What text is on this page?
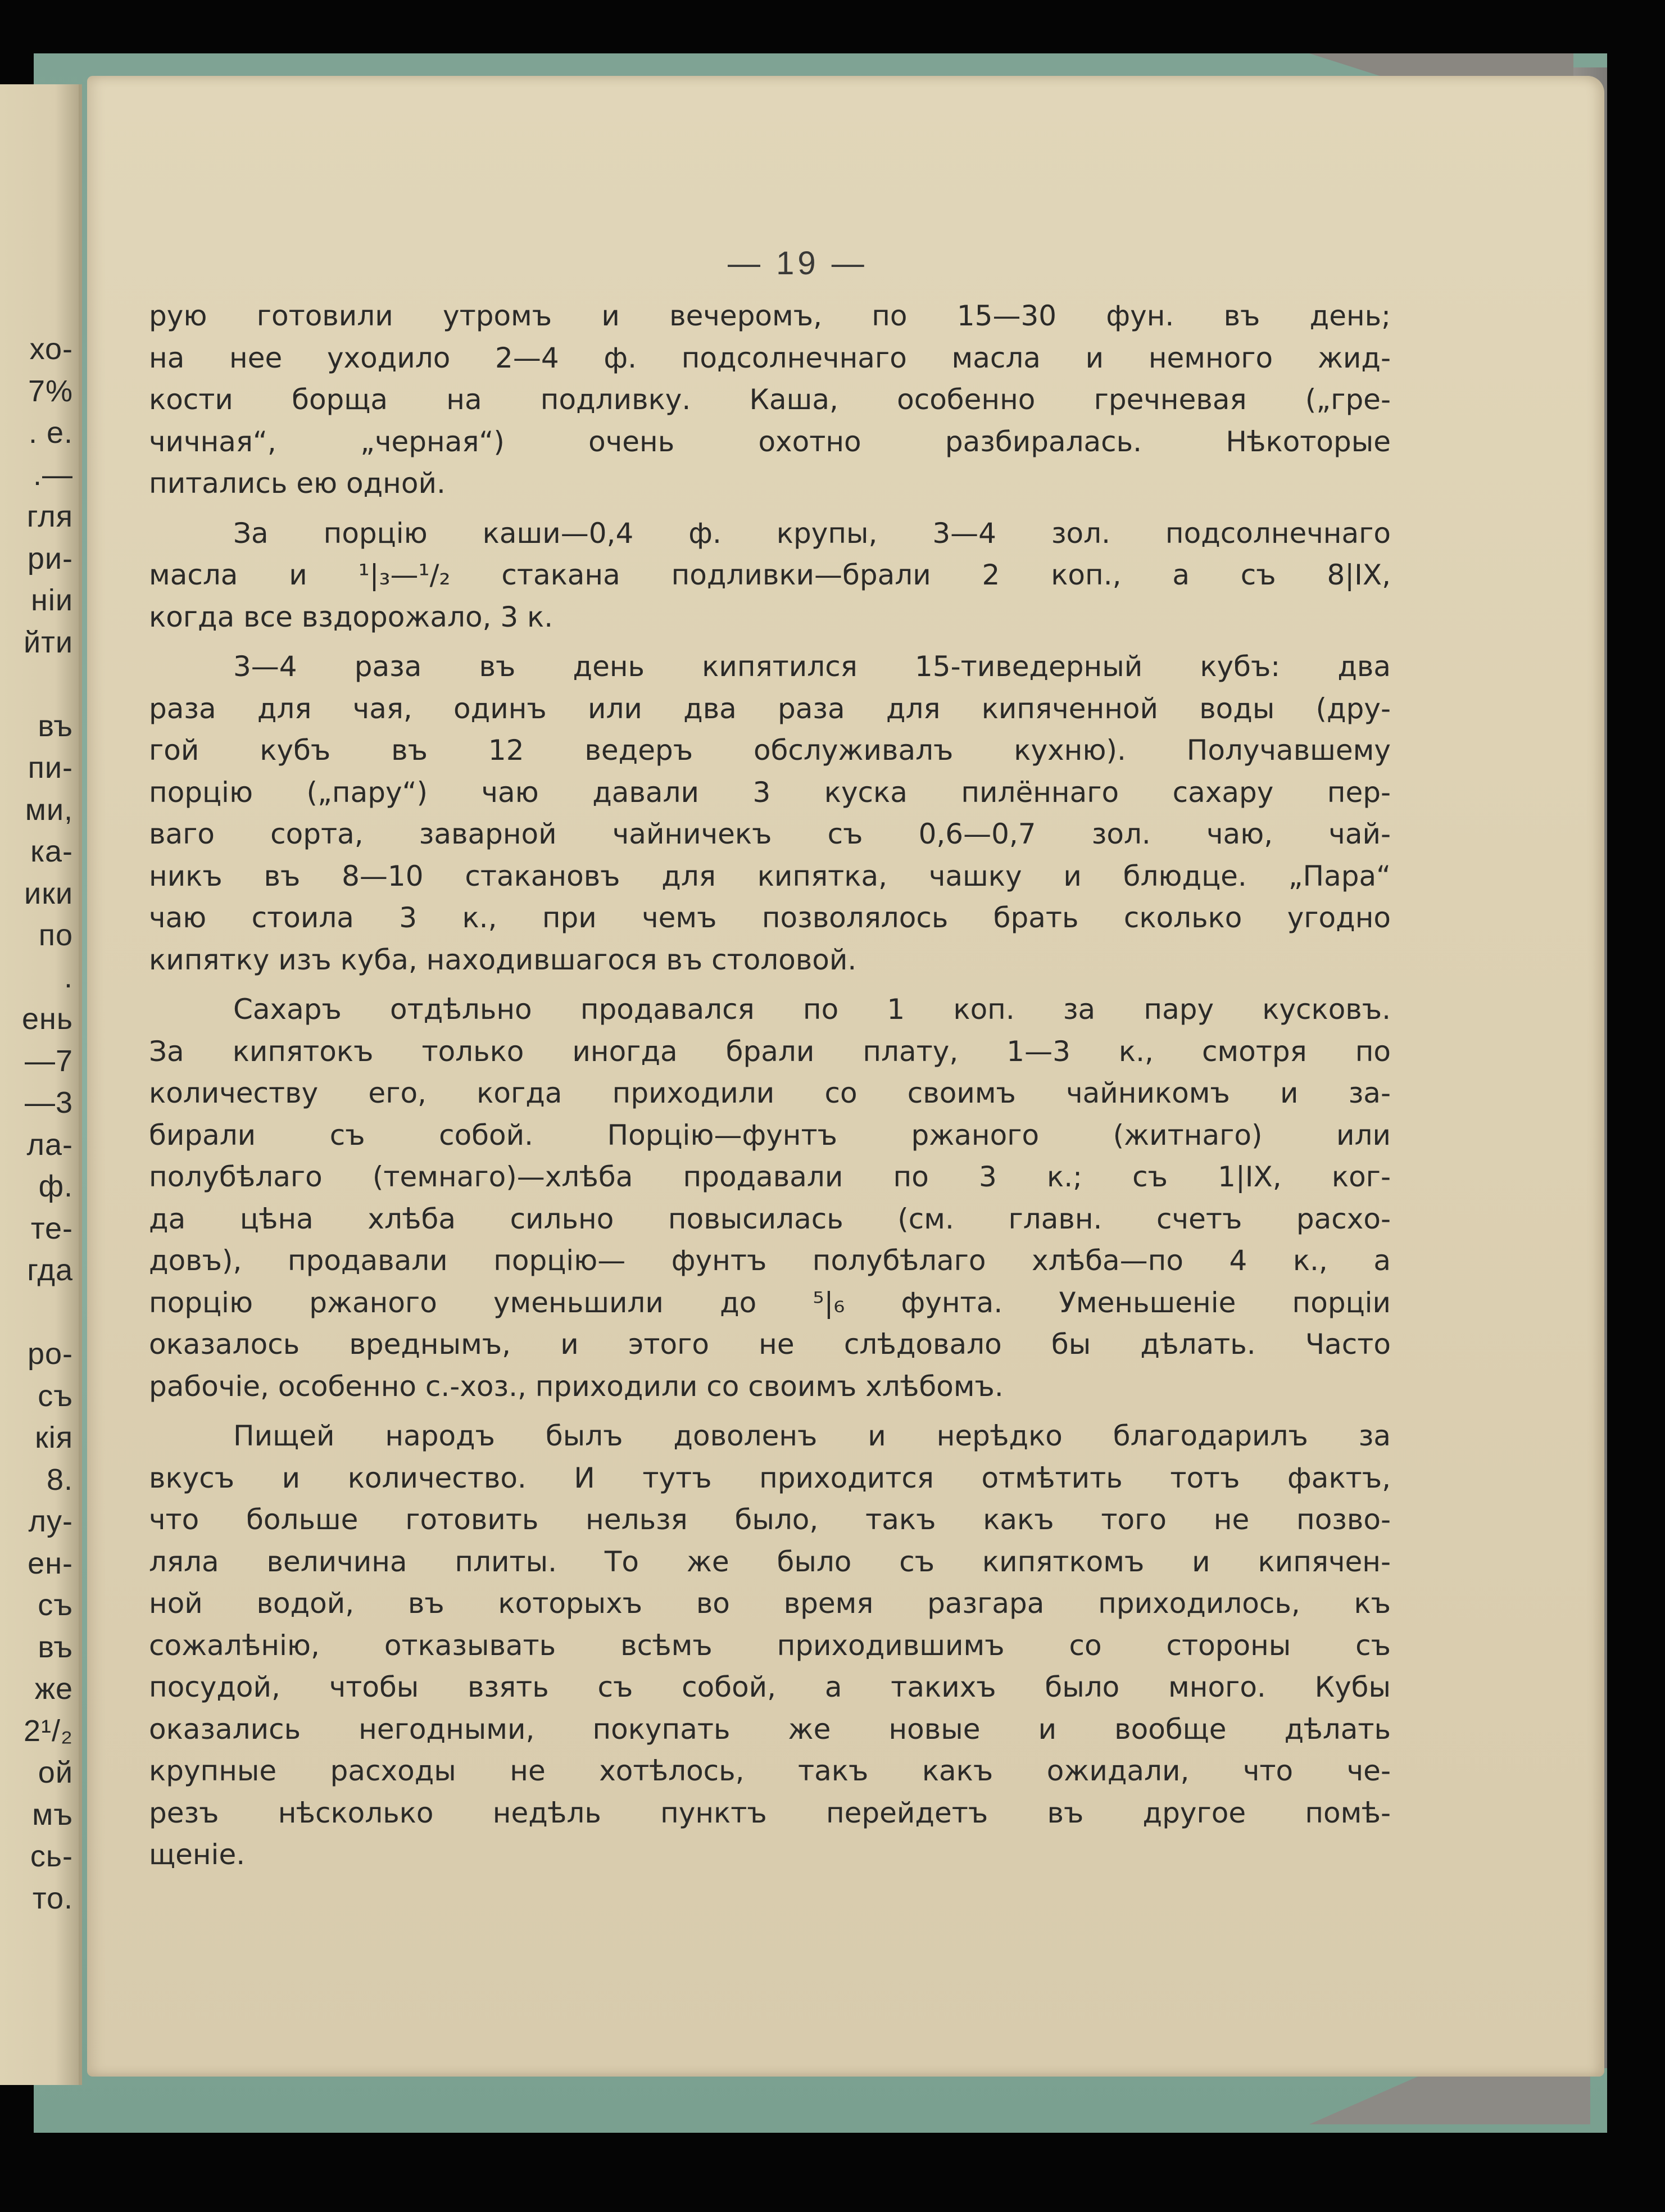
хо-
7%
. е.
.—
гля
ри-
ніи
йти
въ
пи-
ми,
ка-
ики
по
.
ень
—7
—3
ла-
ф.
те-
гда
ро-
съ
кія
8.
лу-
ен-
съ
въ
же
2¹/₂
ой
мъ
сь-
то.
— 19 —
рую готовили утромъ и вечеромъ, по 15—30 фун. въ день;
на нее уходило 2—4 ф. подсолнечнаго масла и немного жид-
кости борща на подливку. Каша, особенно гречневая („гре-
чичная“, „черная“) очень охотно разбиралась. Нѣкоторые
питались ею одной.
За порцію каши—0,4 ф. крупы, 3—4 зол. подсолнечнаго
масла и ¹|₃—¹/₂ стакана подливки—брали 2 коп., а съ 8|IX,
когда все вздорожало, 3 к.
3—4 раза въ день кипятился 15-тиведерный кубъ: два
раза для чая, одинъ или два раза для кипяченной воды (дру-
гой кубъ въ 12 ведеръ обслуживалъ кухню). Получавшему
порцію („пару“) чаю давали 3 куска пилённаго сахару пер-
ваго сорта, заварной чайничекъ съ 0,6—0,7 зол. чаю, чай-
никъ въ 8—10 стакановъ для кипятка, чашку и блюдце. „Пара“
чаю стоила 3 к., при чемъ позволялось брать сколько угодно
кипятку изъ куба, находившагося въ столовой.
Сахаръ отдѣльно продавался по 1 коп. за пару кусковъ.
За кипятокъ только иногда брали плату, 1—3 к., смотря по
количеству его, когда приходили со своимъ чайникомъ и за-
бирали съ собой. Порцію—фунтъ ржаного (житнаго) или
полубѣлаго (темнаго)—хлѣба продавали по 3 к.; съ 1|IX, ког-
да цѣна хлѣба сильно повысилась (см. главн. счетъ расхо-
довъ), продавали порцію— фунтъ полубѣлаго хлѣба—по 4 к., а
порцію ржаного уменьшили до ⁵|₆ фунта. Уменьшеніе порціи
оказалось вреднымъ, и этого не слѣдовало бы дѣлать. Часто
рабочіе, особенно с.-хоз., приходили со своимъ хлѣбомъ.
Пищей народъ былъ доволенъ и нерѣдко благодарилъ за
вкусъ и количество. И тутъ приходится отмѣтить тотъ фактъ,
что больше готовить нельзя было, такъ какъ того не позво-
ляла величина плиты. То же было съ кипяткомъ и кипячен-
ной водой, въ которыхъ во время разгара приходилось, къ
сожалѣнію, отказывать всѣмъ приходившимъ со стороны съ
посудой, чтобы взять съ собой, а такихъ было много. Кубы
оказались негодными, покупать же новые и вообще дѣлать
крупные расходы не хотѣлось, такъ какъ ожидали, что че-
резъ нѣсколько недѣль пунктъ перейдетъ въ другое помѣ-
щеніе.
